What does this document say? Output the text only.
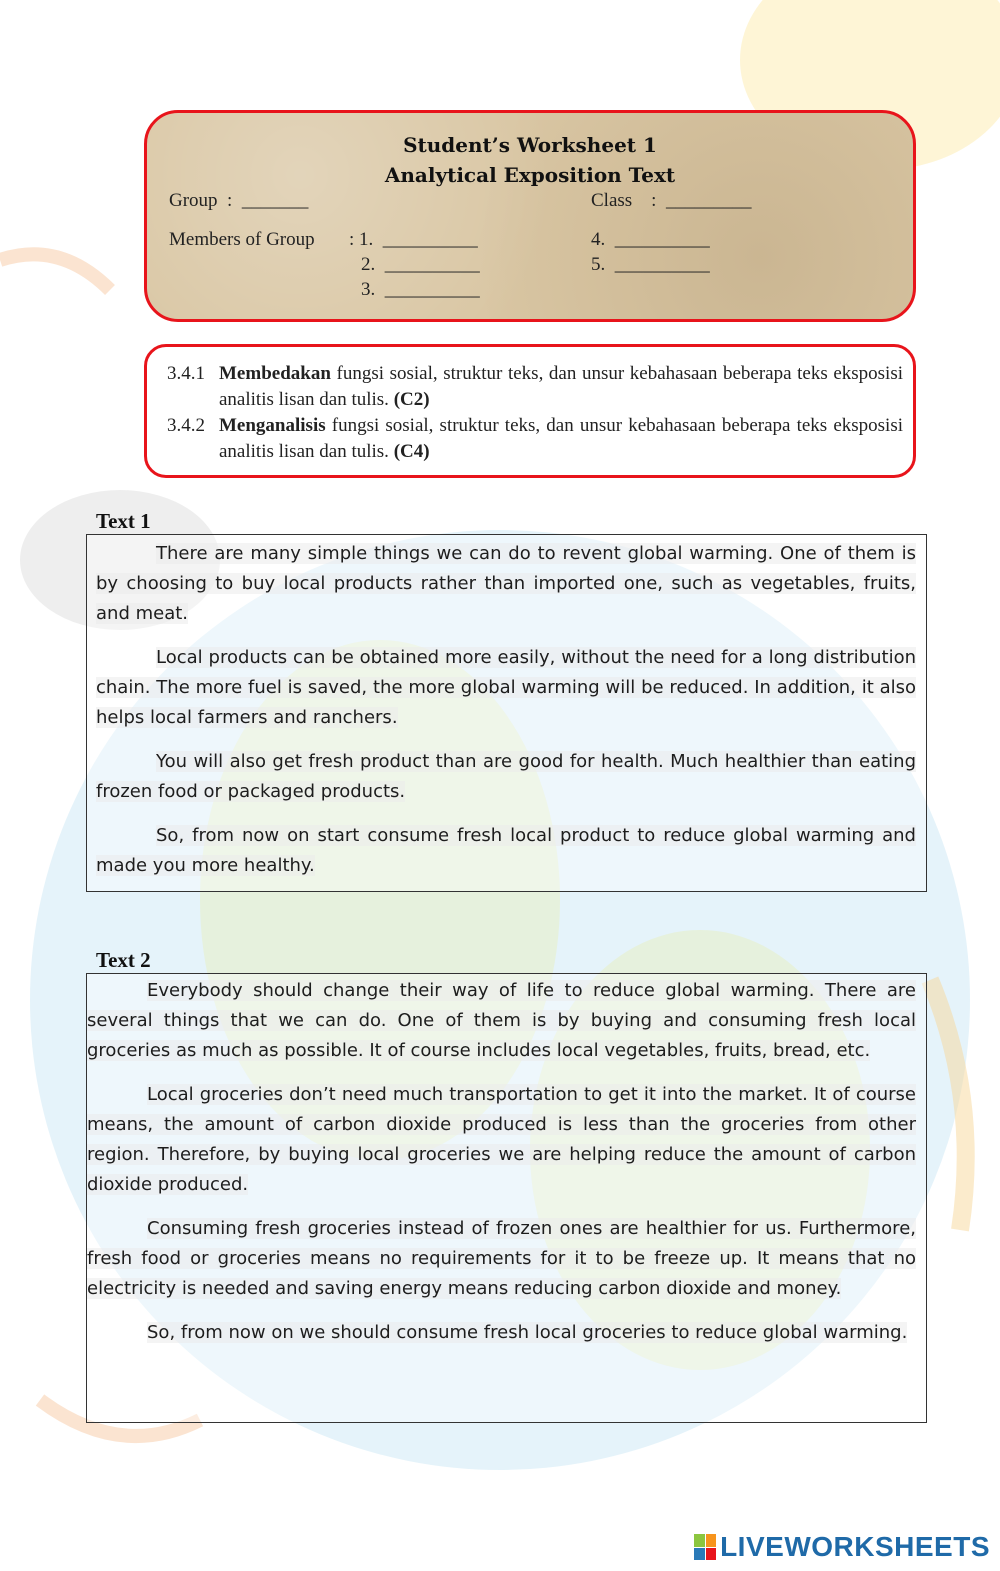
Student’s Worksheet 1
Analytical Exposition Text
Group  :  _______	Class    :  _________
Members of Group : 1.  __________
2.  __________
3.  __________
4.  __________
5.  __________
3.4.1 Membedakan fungsi sosial, struktur teks, dan unsur kebahasaan beberapa teks eksposisi analitis lisan dan tulis. (C2)
3.4.2 Menganalisis fungsi sosial, struktur teks, dan unsur kebahasaan beberapa teks eksposisi analitis lisan dan tulis. (C4)
Text 1

There are many simple things we can do to revent global warming. One of them is by choosing to buy local products rather than imported one, such as vegetables, fruits, and meat.

Local products can be obtained more easily, without the need for a long distribution chain. The more fuel is saved, the more global warming will be reduced. In addition, it also helps local farmers and ranchers.

You will also get fresh product than are good for health. Much healthier than eating frozen food or packaged products.

So, from now on start consume fresh local product to reduce global warming and made you more healthy.

Text 2

Everybody should change their way of life to reduce global warming. There are several things that we can do. One of them is by buying and consuming fresh local groceries as much as possible. It of course includes local vegetables, fruits, bread, etc.

Local groceries don’t need much transportation to get it into the market. It of course means, the amount of carbon dioxide produced is less than the groceries from other region. Therefore, by buying local groceries we are helping reduce the amount of carbon dioxide produced.

Consuming fresh groceries instead of frozen ones are healthier for us. Furthermore, fresh food or groceries means no requirements for it to be freeze up. It means that no electricity is needed and saving energy means reducing carbon dioxide and money.

So, from now on we should consume fresh local groceries to reduce global warming.

LIVEWORKSHEETS
